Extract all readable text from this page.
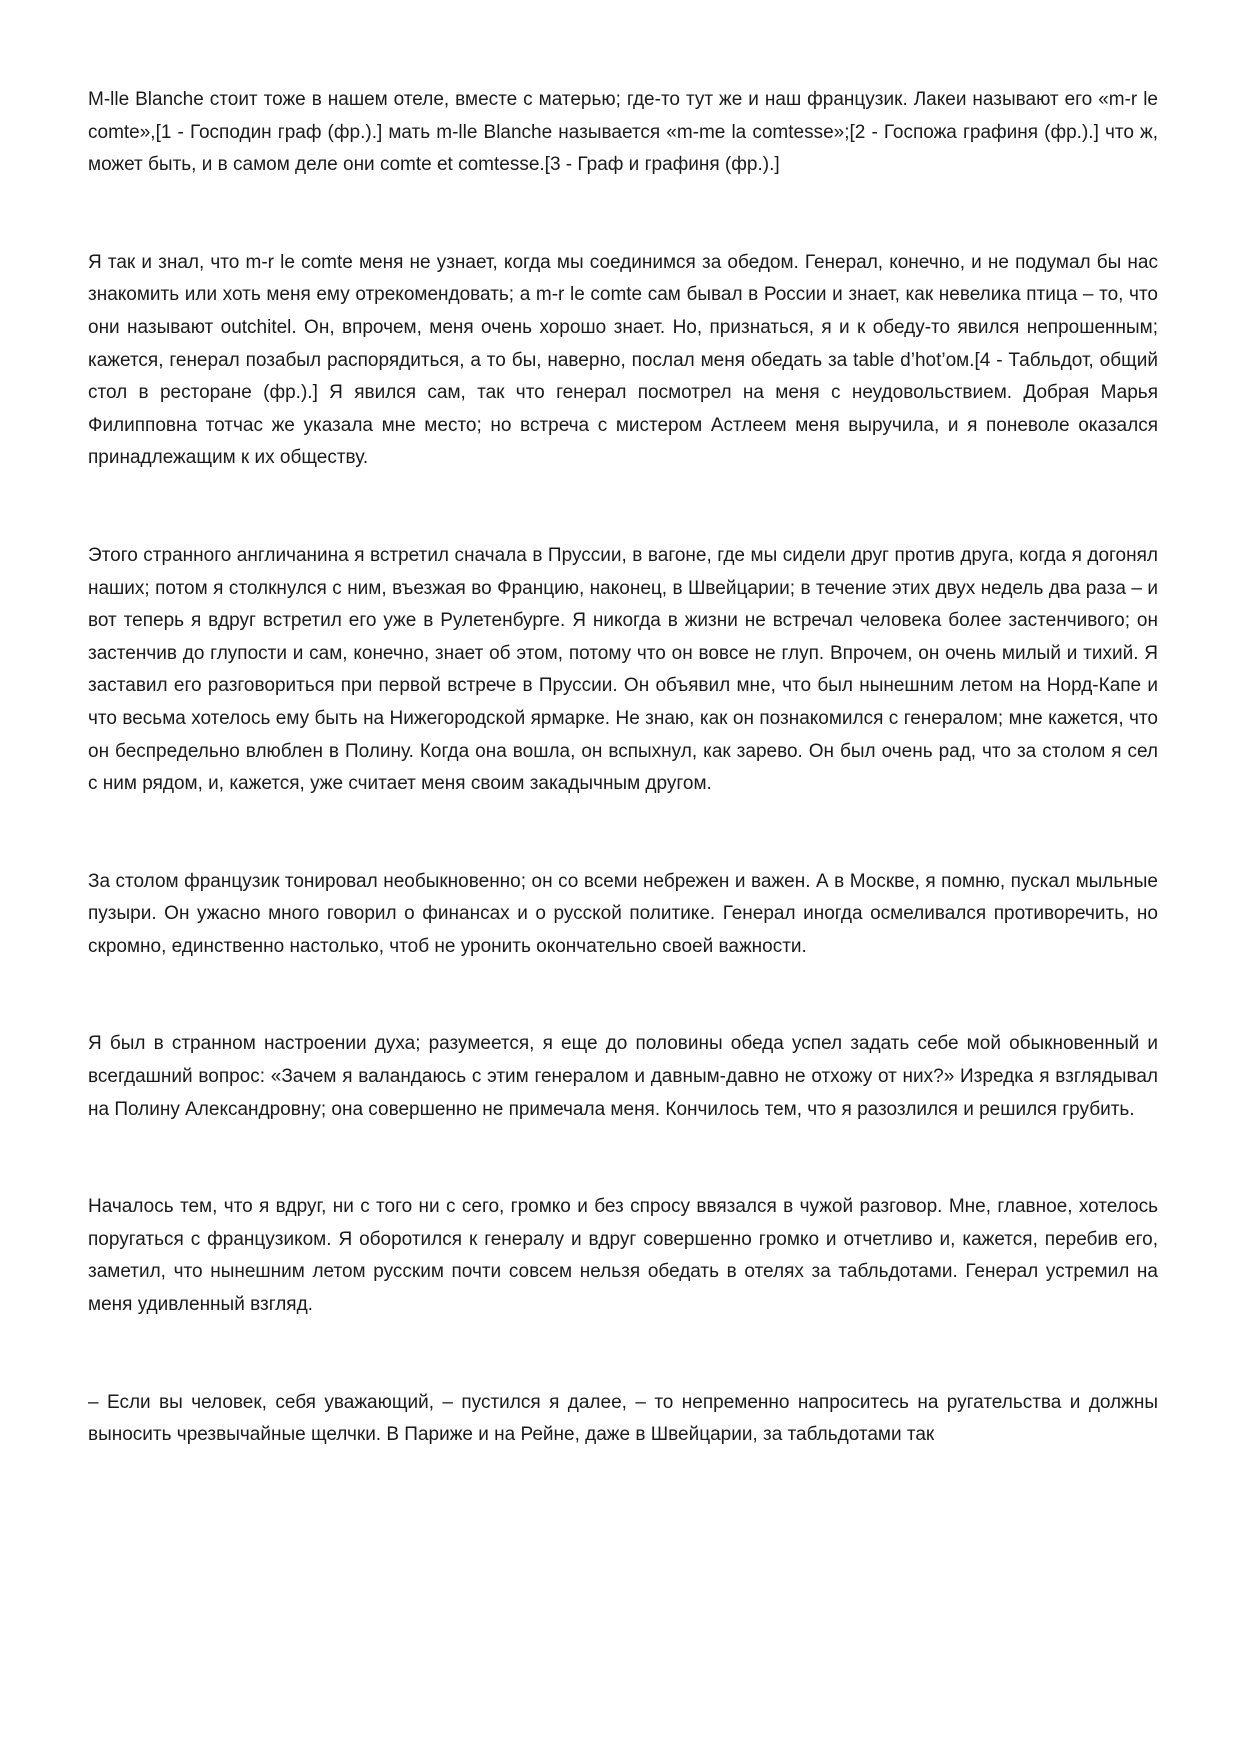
M-lle Blanche стоит тоже в нашем отеле, вместе с матерью; где-то тут же и наш французик. Лакеи называют его «m-r le comte»,[1 - Господин граф (фр.).] мать m-lle Blanche называется «m-me la comtesse»;[2 - Госпожа графиня (фр.).] что ж, может быть, и в самом деле они comte et comtesse.[3 - Граф и графиня (фр.).]

Я так и знал, что m-r le comte меня не узнает, когда мы соединимся за обедом. Генерал, конечно, и не подумал бы нас знакомить или хоть меня ему отрекомендовать; а m-r le comte сам бывал в России и знает, как невелика птица – то, что они называют outchitel. Он, впрочем, меня очень хорошо знает. Но, признаться, я и к обеду-то явился непрошенным; кажется, генерал позабыл распорядиться, а то бы, наверно, послал меня обедать за table d’hot’ом.[4 - Табльдот, общий стол в ресторане (фр.).] Я явился сам, так что генерал посмотрел на меня с неудовольствием. Добрая Марья Филипповна тотчас же указала мне место; но встреча с мистером Астлеем меня выручила, и я поневоле оказался принадлежащим к их обществу.

Этого странного англичанина я встретил сначала в Пруссии, в вагоне, где мы сидели друг против друга, когда я догонял наших; потом я столкнулся с ним, въезжая во Францию, наконец, в Швейцарии; в течение этих двух недель два раза – и вот теперь я вдруг встретил его уже в Рулетенбурге. Я никогда в жизни не встречал человека более застенчивого; он застенчив до глупости и сам, конечно, знает об этом, потому что он вовсе не глуп. Впрочем, он очень милый и тихий. Я заставил его разговориться при первой встрече в Пруссии. Он объявил мне, что был нынешним летом на Норд-Капе и что весьма хотелось ему быть на Нижегородской ярмарке. Не знаю, как он познакомился с генералом; мне кажется, что он беспредельно влюблен в Полину. Когда она вошла, он вспыхнул, как зарево. Он был очень рад, что за столом я сел с ним рядом, и, кажется, уже считает меня своим закадычным другом.

За столом французик тонировал необыкновенно; он со всеми небрежен и важен. А в Москве, я помню, пускал мыльные пузыри. Он ужасно много говорил о финансах и о русской политике. Генерал иногда осмеливался противоречить, но скромно, единственно настолько, чтоб не уронить окончательно своей важности.

Я был в странном настроении духа; разумеется, я еще до половины обеда успел задать себе мой обыкновенный и всегдашний вопрос: «Зачем я валандаюсь с этим генералом и давным-давно не отхожу от них?» Изредка я взглядывал на Полину Александровну; она совершенно не примечала меня. Кончилось тем, что я разозлился и решился грубить.

Началось тем, что я вдруг, ни с того ни с сего, громко и без спросу ввязался в чужой разговор. Мне, главное, хотелось поругаться с французиком. Я оборотился к генералу и вдруг совершенно громко и отчетливо и, кажется, перебив его, заметил, что нынешним летом русским почти совсем нельзя обедать в отелях за табльдотами. Генерал устремил на меня удивленный взгляд.

– Если вы человек, себя уважающий, – пустился я далее, – то непременно напроситесь на ругательства и должны выносить чрезвычайные щелчки. В Париже и на Рейне, даже в Швейцарии, за табльдотами так
